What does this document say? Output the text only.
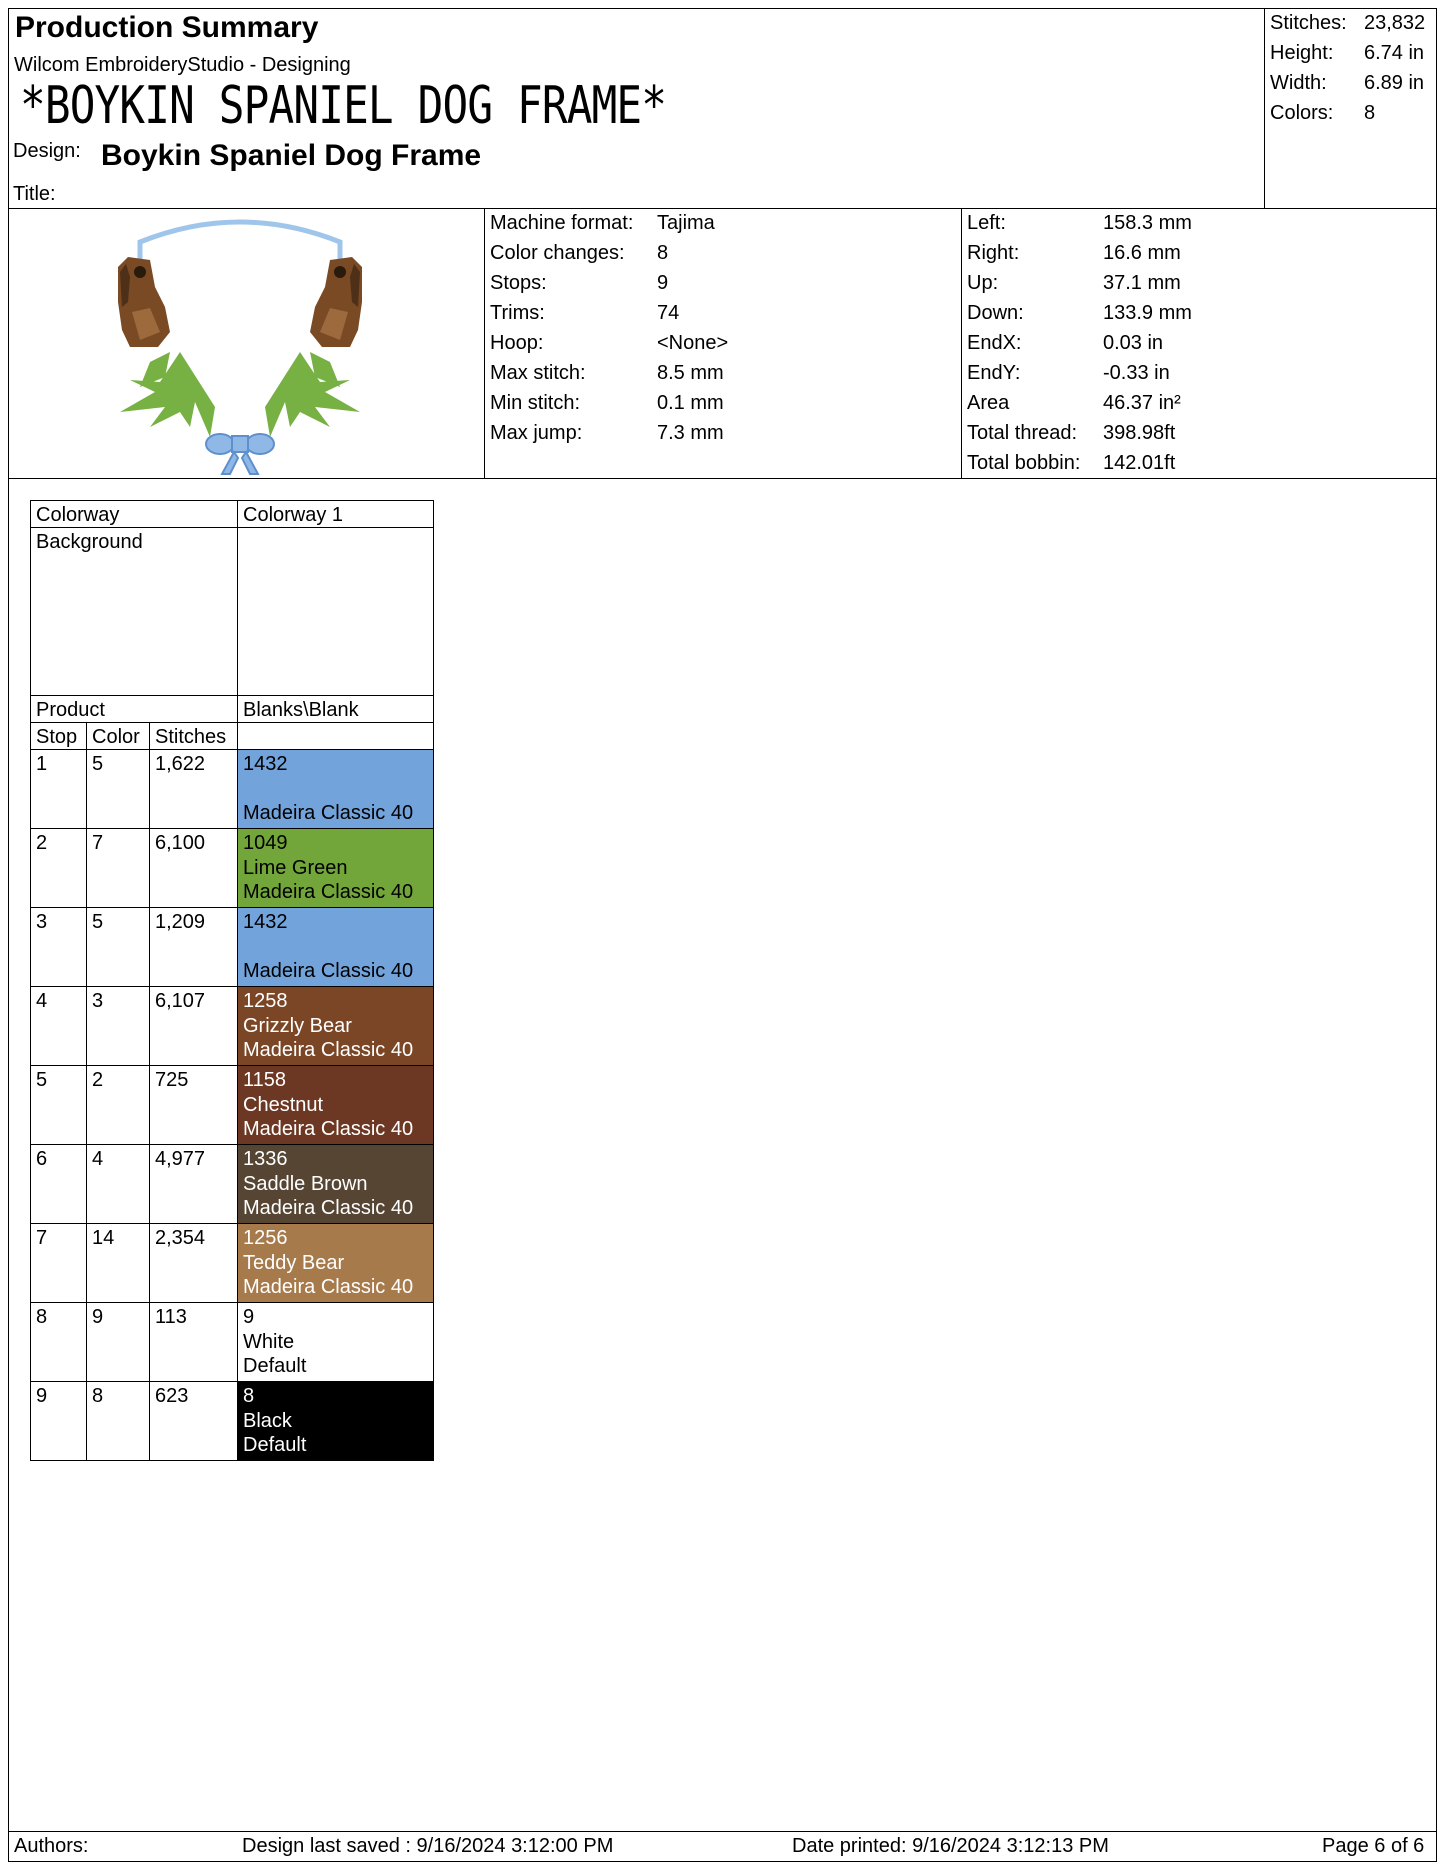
Production Summary
Wilcom EmbroideryStudio - Designing
*BOYKIN SPANIEL DOG FRAME*
Design: Boykin Spaniel Dog Frame
Title:
Stitches: 23,832
Height:	6.74 in
Width:	6.89 in
Colors:	8
Machine format:	Tajima
Color changes:	8
Stops:	9
Trims:	74
Hoop:	<None>
Max stitch:	8.5 mm
Min stitch:	0.1 mm
Max jump:	7.3 mm
Left:	158.3 mm
Right:	16.6 mm
Up:	37.1 mm
Down:	133.9 mm
EndX:	0.03 in
EndY:	-0.33 in
Area	46.37 in²
Total thread:	398.98ft
Total bobbin:	142.01ft
Colorway			Colorway 1
Background			
Product			Blanks\Blank
Stop	Color	Stitches	
1	5	1,622	1432
Madeira Classic 40

2	7	6,100	1049
Lime Green
Madeira Classic 40

3	5	1,209	1432
Madeira Classic 40

4	3	6,107	1258
Grizzly Bear
Madeira Classic 40

5	2	725	1158
Chestnut
Madeira Classic 40

6	4	4,977	1336
Saddle Brown
Madeira Classic 40

7	14	2,354	1256
Teddy Bear
Madeira Classic 40

8	9	113	9
White
Default

9	8	623	8
Black
Default
Authors:	Design last saved : 9/16/2024 3:12:00 PM	Date printed: 9/16/2024 3:12:13 PM	Page 6 of 6
